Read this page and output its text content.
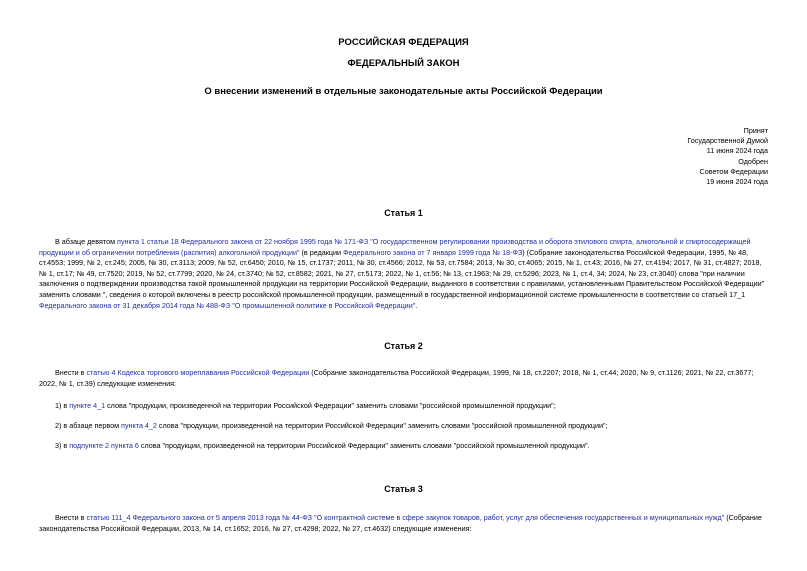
РОССИЙСКАЯ ФЕДЕРАЦИЯ
ФЕДЕРАЛЬНЫЙ ЗАКОН
О внесении изменений в отдельные законодательные акты Российской Федерации
Принят
Государственной Думой
11 июня 2024 года
Одобрен
Советом Федерации
19 июня 2024 года
Статья 1

В абзаце девятом пункта 1 статьи 18 Федерального закона от 22 ноября 1995 года № 171-ФЗ "О государственном регулировании производства и оборота этилового спирта, алкогольной и спиртосодержащей продукции и об ограничении потребления (распития) алкогольной продукции" (в редакции Федерального закона от 7 января 1999 года № 18-ФЗ) (Собрание законодательства Российской Федерации, 1995, № 48, ст.4553; 1999, № 2, ст.245; 2005, № 30, ст.3113; 2009, № 52, ст.6450; 2010, № 15, ст.1737; 2011, № 30, ст.4566; 2012, № 53, ст.7584; 2013, № 30, ст.4065; 2015, № 1, ст.43; 2016, № 27, ст.4194; 2017, № 31, ст.4827; 2018, № 1, ст.17; № 49, ст.7520; 2019, № 52, ст.7799; 2020, № 24, ст.3740; № 52, ст.8582; 2021, № 27, ст.5173; 2022, № 1, ст.56; № 13, ст.1963; № 29, ст.5296; 2023, № 1, ст.4, 34; 2024, № 23, ст.3040) слова "при наличии заключения о подтверждении производства такой промышленной продукции на территории Российской Федерации, выданного в соответствии с правилами, установленными Правительством Российской Федерации" заменить словами ", сведения о которой включены в реестр российской промышленной продукции, размещенный в государственной информационной системе промышленности в соответствии со статьей 17_1 Федерального закона от 31 декабря 2014 года № 488-ФЗ "О промышленной политике в Российской Федерации".

Статья 2

Внести в статью 4 Кодекса торгового мореплавания Российской Федерации (Собрание законодательства Российской Федерации, 1999, № 18, ст.2207; 2018, № 1, ст.44; 2020, № 9, ст.1126; 2021, № 22, ст.3677; 2022, № 1, ст.39) следующие изменения:

1) в пункте 4_1 слова "продукции, произведенной на территории Российской Федерации" заменить словами "российской промышленной продукции";

2) в абзаце первом пункта 4_2 слова "продукции, произведенной на территории Российской Федерации" заменить словами "российской промышленной продукции";

3) в подпункте 2 пункта 6 слова "продукции, произведенной на территории Российской Федерации" заменить словами "российской промышленной продукции".

Статья 3

Внести в статью 111_4 Федерального закона от 5 апреля 2013 года № 44-ФЗ "О контрактной системе в сфере закупок товаров, работ, услуг для обеспечения государственных и муниципальных нужд" (Собрание законодательства Российской Федерации, 2013, № 14, ст.1652; 2016, № 27, ст.4298; 2022, № 27, ст.4632) следующие изменения:
